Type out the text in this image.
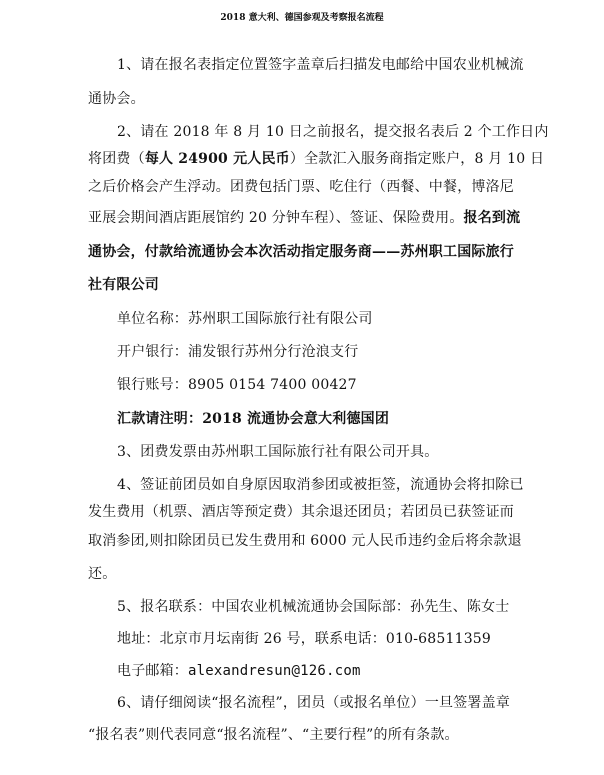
2018 意大利、德国参观及考察报名流程
1、请在报名表指定位置签字盖章后扫描发电邮给中国农业机械流
通协会。
2、请在 2018 年 8 月 10 日之前报名，提交报名表后 2 个工作日内
将团费（每人 24900 元人民币）全款汇入服务商指定账户，8 月 10 日
之后价格会产生浮动。团费包括门票、吃住行（西餐、中餐，博洛尼
亚展会期间酒店距展馆约 20 分钟车程）、签证、保险费用。报名到流
通协会，付款给流通协会本次活动指定服务商——苏州职工国际旅行
社有限公司
单位名称：苏州职工国际旅行社有限公司
开户银行：浦发银行苏州分行沧浪支行
银行账号：8905 0154 7400 00427
汇款请注明：2018 流通协会意大利德国团
3、团费发票由苏州职工国际旅行社有限公司开具。
4、签证前团员如自身原因取消参团或被拒签，流通协会将扣除已
发生费用（机票、酒店等预定费）其余退还团员；若团员已获签证而
取消参团,则扣除团员已发生费用和 6000 元人民币违约金后将余款退
还。
5、报名联系：中国农业机械流通协会国际部：孙先生、陈女士
地址：北京市月坛南街 26 号，联系电话：010-68511359
电子邮箱：alexandresun@126.com
6、请仔细阅读“报名流程”，团员（或报名单位）一旦签署盖章
“报名表”则代表同意“报名流程”、“主要行程”的所有条款。
